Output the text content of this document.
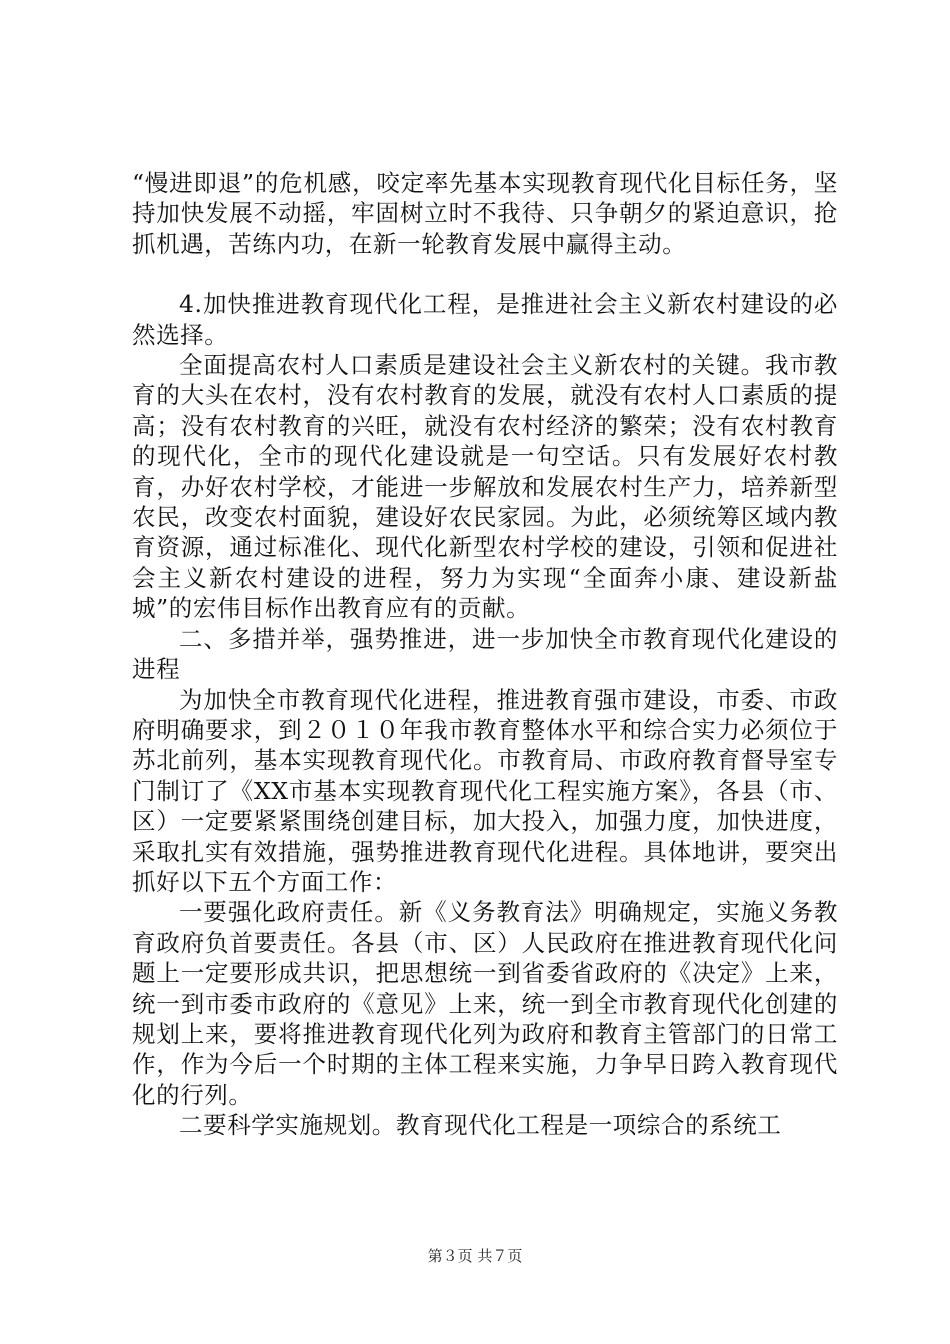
“慢进即退”的危机感，咬定率先基本实现教育现代化目标任务，坚持加快发展不动摇，牢固树立时不我待、只争朝夕的紧迫意识，抢抓机遇，苦练内功，在新一轮教育发展中赢得主动。

4.加快推进教育现代化工程，是推进社会主义新农村建设的必然选择。

全面提高农村人口素质是建设社会主义新农村的关键。我市教育的大头在农村，没有农村教育的发展，就没有农村人口素质的提高；没有农村教育的兴旺，就没有农村经济的繁荣；没有农村教育的现代化，全市的现代化建设就是一句空话。只有发展好农村教育，办好农村学校，才能进一步解放和发展农村生产力，培养新型农民，改变农村面貌，建设好农民家园。为此，必须统筹区域内教育资源，通过标准化、现代化新型农村学校的建设，引领和促进社会主义新农村建设的进程，努力为实现“全面奔小康、建设新盐城”的宏伟目标作出教育应有的贡献。

二、多措并举，强势推进，进一步加快全市教育现代化建设的进程

为加快全市教育现代化进程，推进教育强市建设，市委、市政府明确要求，到２０１０年我市教育整体水平和综合实力必须位于苏北前列，基本实现教育现代化。市教育局、市政府教育督导室专门制订了《XX市基本实现教育现代化工程实施方案》，各县（市、区）一定要紧紧围绕创建目标，加大投入，加强力度，加快进度，采取扎实有效措施，强势推进教育现代化进程。具体地讲，要突出抓好以下五个方面工作：

一要强化政府责任。新《义务教育法》明确规定，实施义务教育政府负首要责任。各县（市、区）人民政府在推进教育现代化问题上一定要形成共识，把思想统一到省委省政府的《决定》上来，统一到市委市政府的《意见》上来，统一到全市教育现代化创建的规划上来，要将推进教育现代化列为政府和教育主管部门的日常工作，作为今后一个时期的主体工程来实施，力争早日跨入教育现代化的行列。

二要科学实施规划。教育现代化工程是一项综合的系统工

第３页 共７页
